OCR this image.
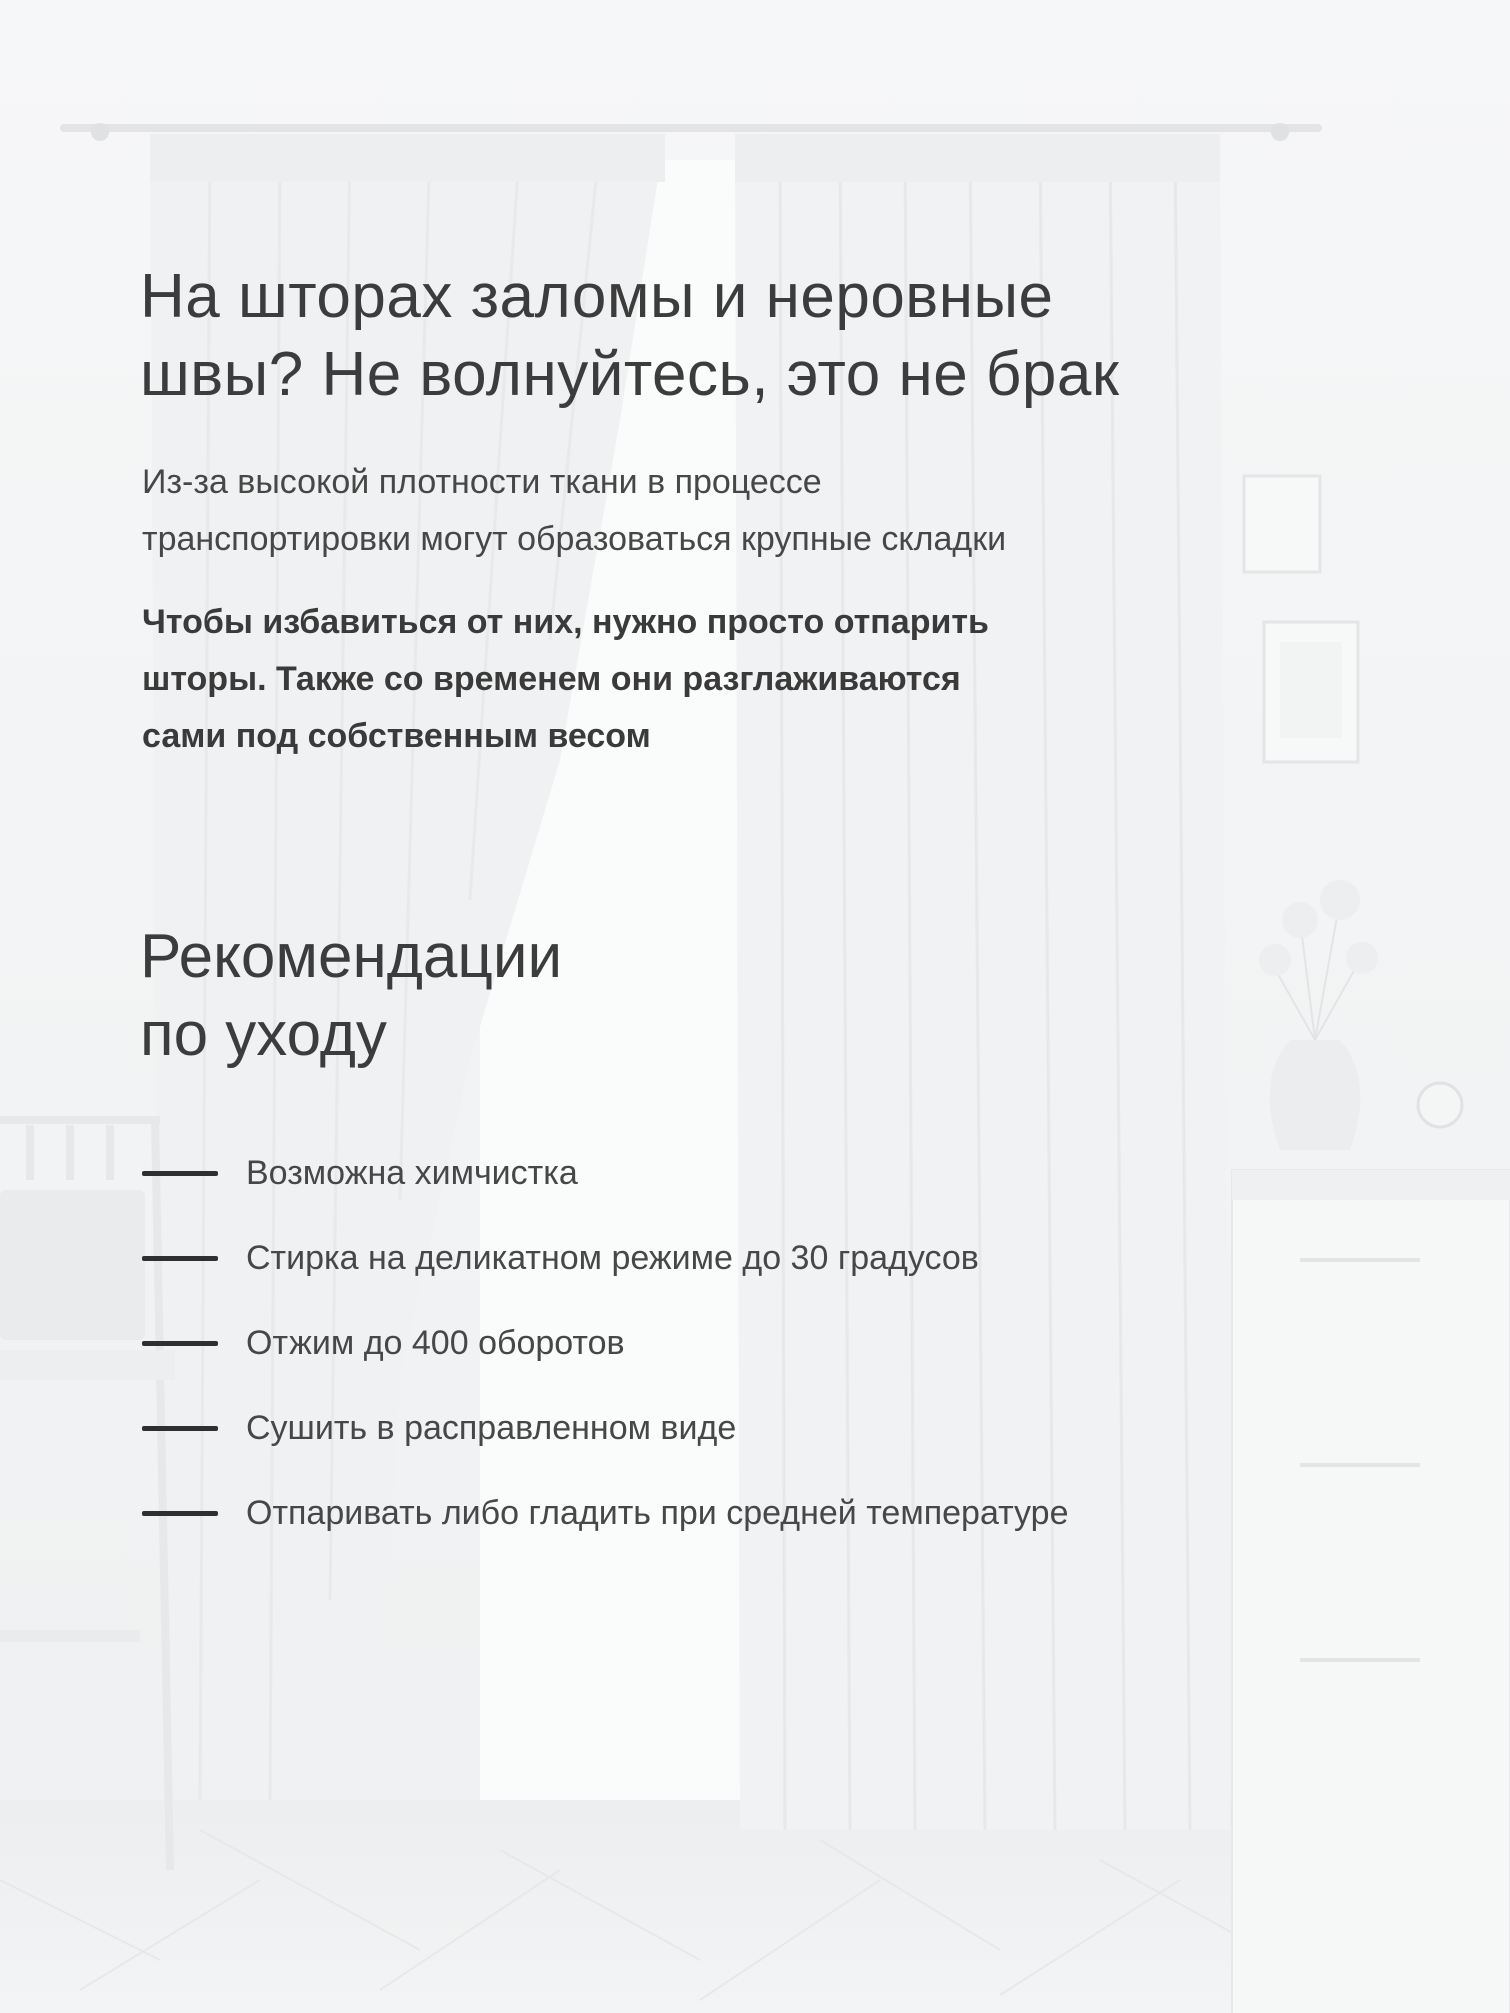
На шторах заломы и неровные
швы? Не волнуйтесь, это не брак

Из-за высокой плотности ткани в процессе
транспортировки могут образоваться крупные складки

Чтобы избавиться от них, нужно просто отпарить
шторы. Также со временем они разглаживаются
сами под собственным весом

Рекомендации
по уходу
Возможна химчистка
Стирка на деликатном режиме до 30 градусов
Отжим до 400 оборотов
Сушить в расправленном виде
Отпаривать либо гладить при средней температуре
